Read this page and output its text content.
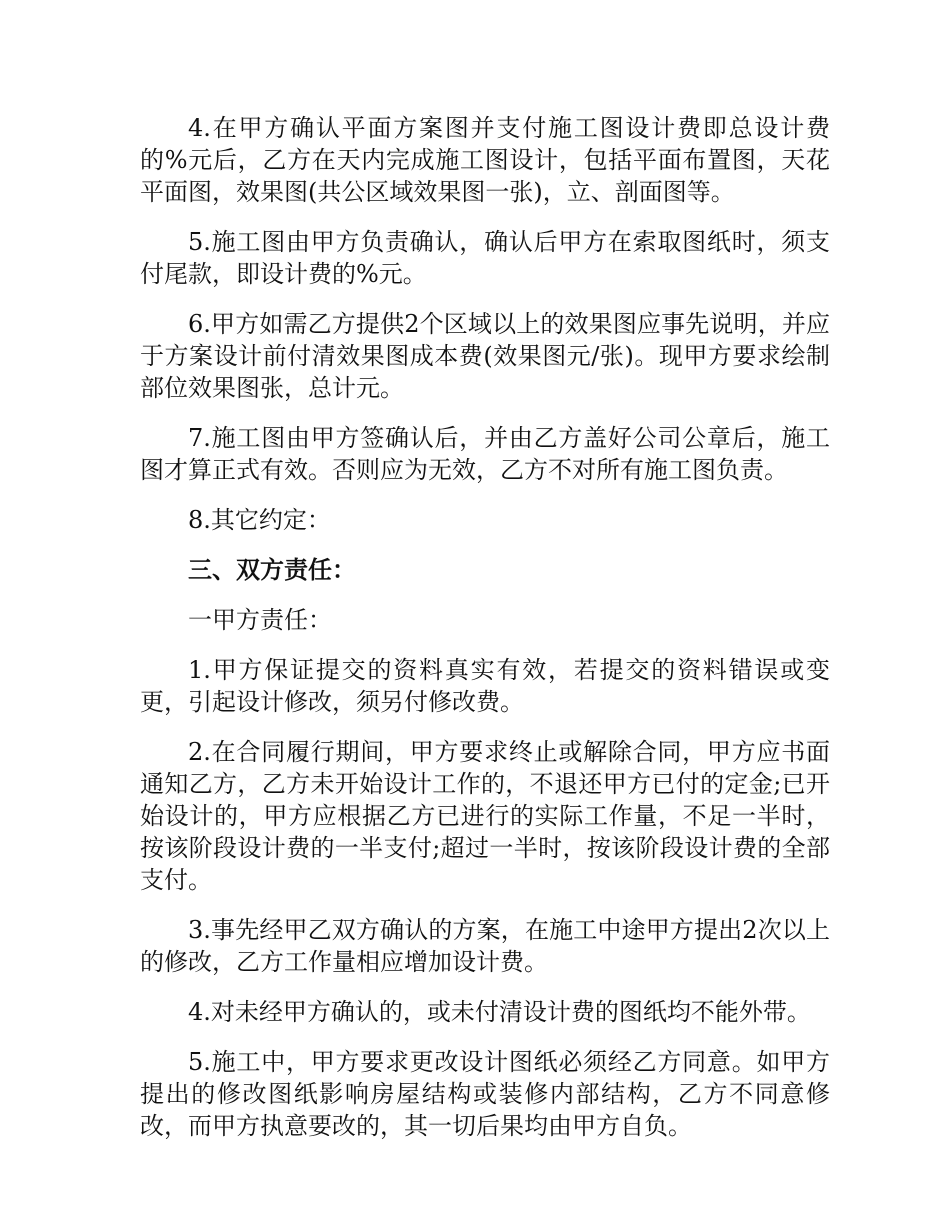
4.在甲方确认平面方案图并支付施工图设计费即总设计费的%元后，乙方在天内完成施工图设计，包括平面布置图，天花平面图，效果图(共公区域效果图一张)，立、剖面图等。

5.施工图由甲方负责确认，确认后甲方在索取图纸时，须支付尾款，即设计费的%元。

6.甲方如需乙方提供2个区域以上的效果图应事先说明，并应于方案设计前付清效果图成本费(效果图元/张)。现甲方要求绘制部位效果图张，总计元。

7.施工图由甲方签确认后，并由乙方盖好公司公章后，施工图才算正式有效。否则应为无效，乙方不对所有施工图负责。

8.其它约定：

三、双方责任：

一甲方责任：

1.甲方保证提交的资料真实有效，若提交的资料错误或变更，引起设计修改，须另付修改费。

2.在合同履行期间，甲方要求终止或解除合同，甲方应书面通知乙方，乙方未开始设计工作的，不退还甲方已付的定金;已开始设计的，甲方应根据乙方已进行的实际工作量，不足一半时，按该阶段设计费的一半支付;超过一半时，按该阶段设计费的全部支付。

3.事先经甲乙双方确认的方案，在施工中途甲方提出2次以上的修改，乙方工作量相应增加设计费。

4.对未经甲方确认的，或未付清设计费的图纸均不能外带。

5.施工中，甲方要求更改设计图纸必须经乙方同意。如甲方提出的修改图纸影响房屋结构或装修内部结构，乙方不同意修改，而甲方执意要改的，其一切后果均由甲方自负。
